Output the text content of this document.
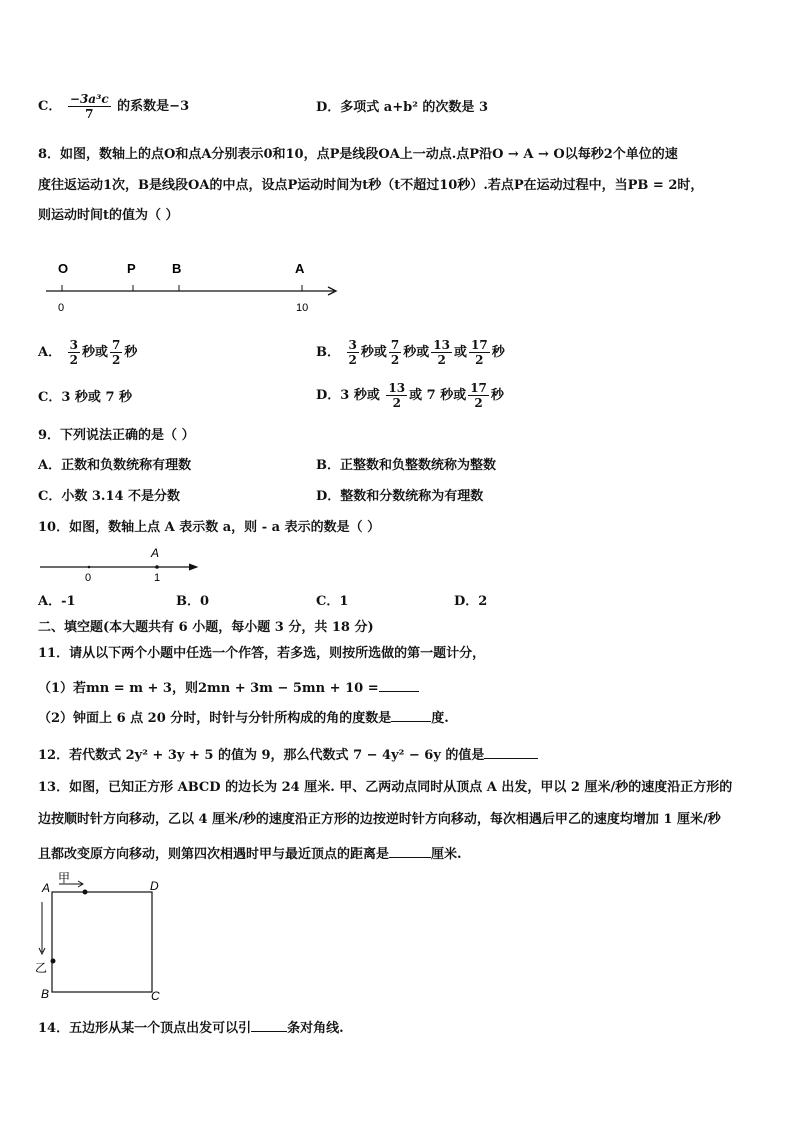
C． $\frac{\text{−3a³c}}{7}$ 的系数是−3	D．多项式 a+b² 的次数是 3
8．如图，数轴上的点O和点A分别表示0和10，点P是线段OA上一动点.点P沿O → A → O以每秒2个单位的速
度往返运动1次，B是线段OA的中点，设点P运动时间为t秒（t不超过10秒）.若点P在运动过程中，当PB = 2时，
则运动时间t的值为（ ）
O	P	B	A
0	10
A． $\frac{3}{2}$ 秒或 $\frac{7}{2}$ 秒	B． $\frac{3}{2}$ 秒或 $\frac{7}{2}$ 秒或 $\frac{13}{2}$ 或 $\frac{17}{2}$ 秒
C．3 秒或 7 秒	D．3 秒或 $\frac{13}{2}$ 或 7 秒或 $\frac{17}{2}$ 秒
9．下列说法正确的是（ ）
A．正数和负数统称有理数	B．正整数和负整数统称为整数
C．小数 3.14 不是分数	D．整数和分数统称为有理数
10．如图，数轴上点 A 表示数 a，则 - a 表示的数是（ ）
A
0	1
A．-1	B．0	C．1	D．2
二、填空题(本大题共有 6 小题，每小题 3 分，共 18 分)
11．请从以下两个小题中任选一个作答，若多选，则按所选做的第一题计分，
（1）若mn = m + 3，则2mn + 3m − 5mn + 10 =
（2）钟面上 6 点 20 分时，时针与分针所构成的角的度数是	度.
12．若代数式 2y² + 3y + 5 的值为 9，那么代数式 7 − 4y² − 6y 的值是
13．如图，已知正方形 ABCD 的边长为 24 厘米. 甲、乙两动点同时从顶点 A 出发，甲以 2 厘米/秒的速度沿正方形的
边按顺时针方向移动，乙以 4 厘米/秒的速度沿正方形的边按逆时针方向移动，每次相遇后甲乙的速度均增加 1 厘米/秒
且都改变原方向移动，则第四次相遇时甲与最近顶点的距离是	厘米.
A	D
B	C
甲
乙
14．五边形从某一个顶点出发可以引	条对角线.
